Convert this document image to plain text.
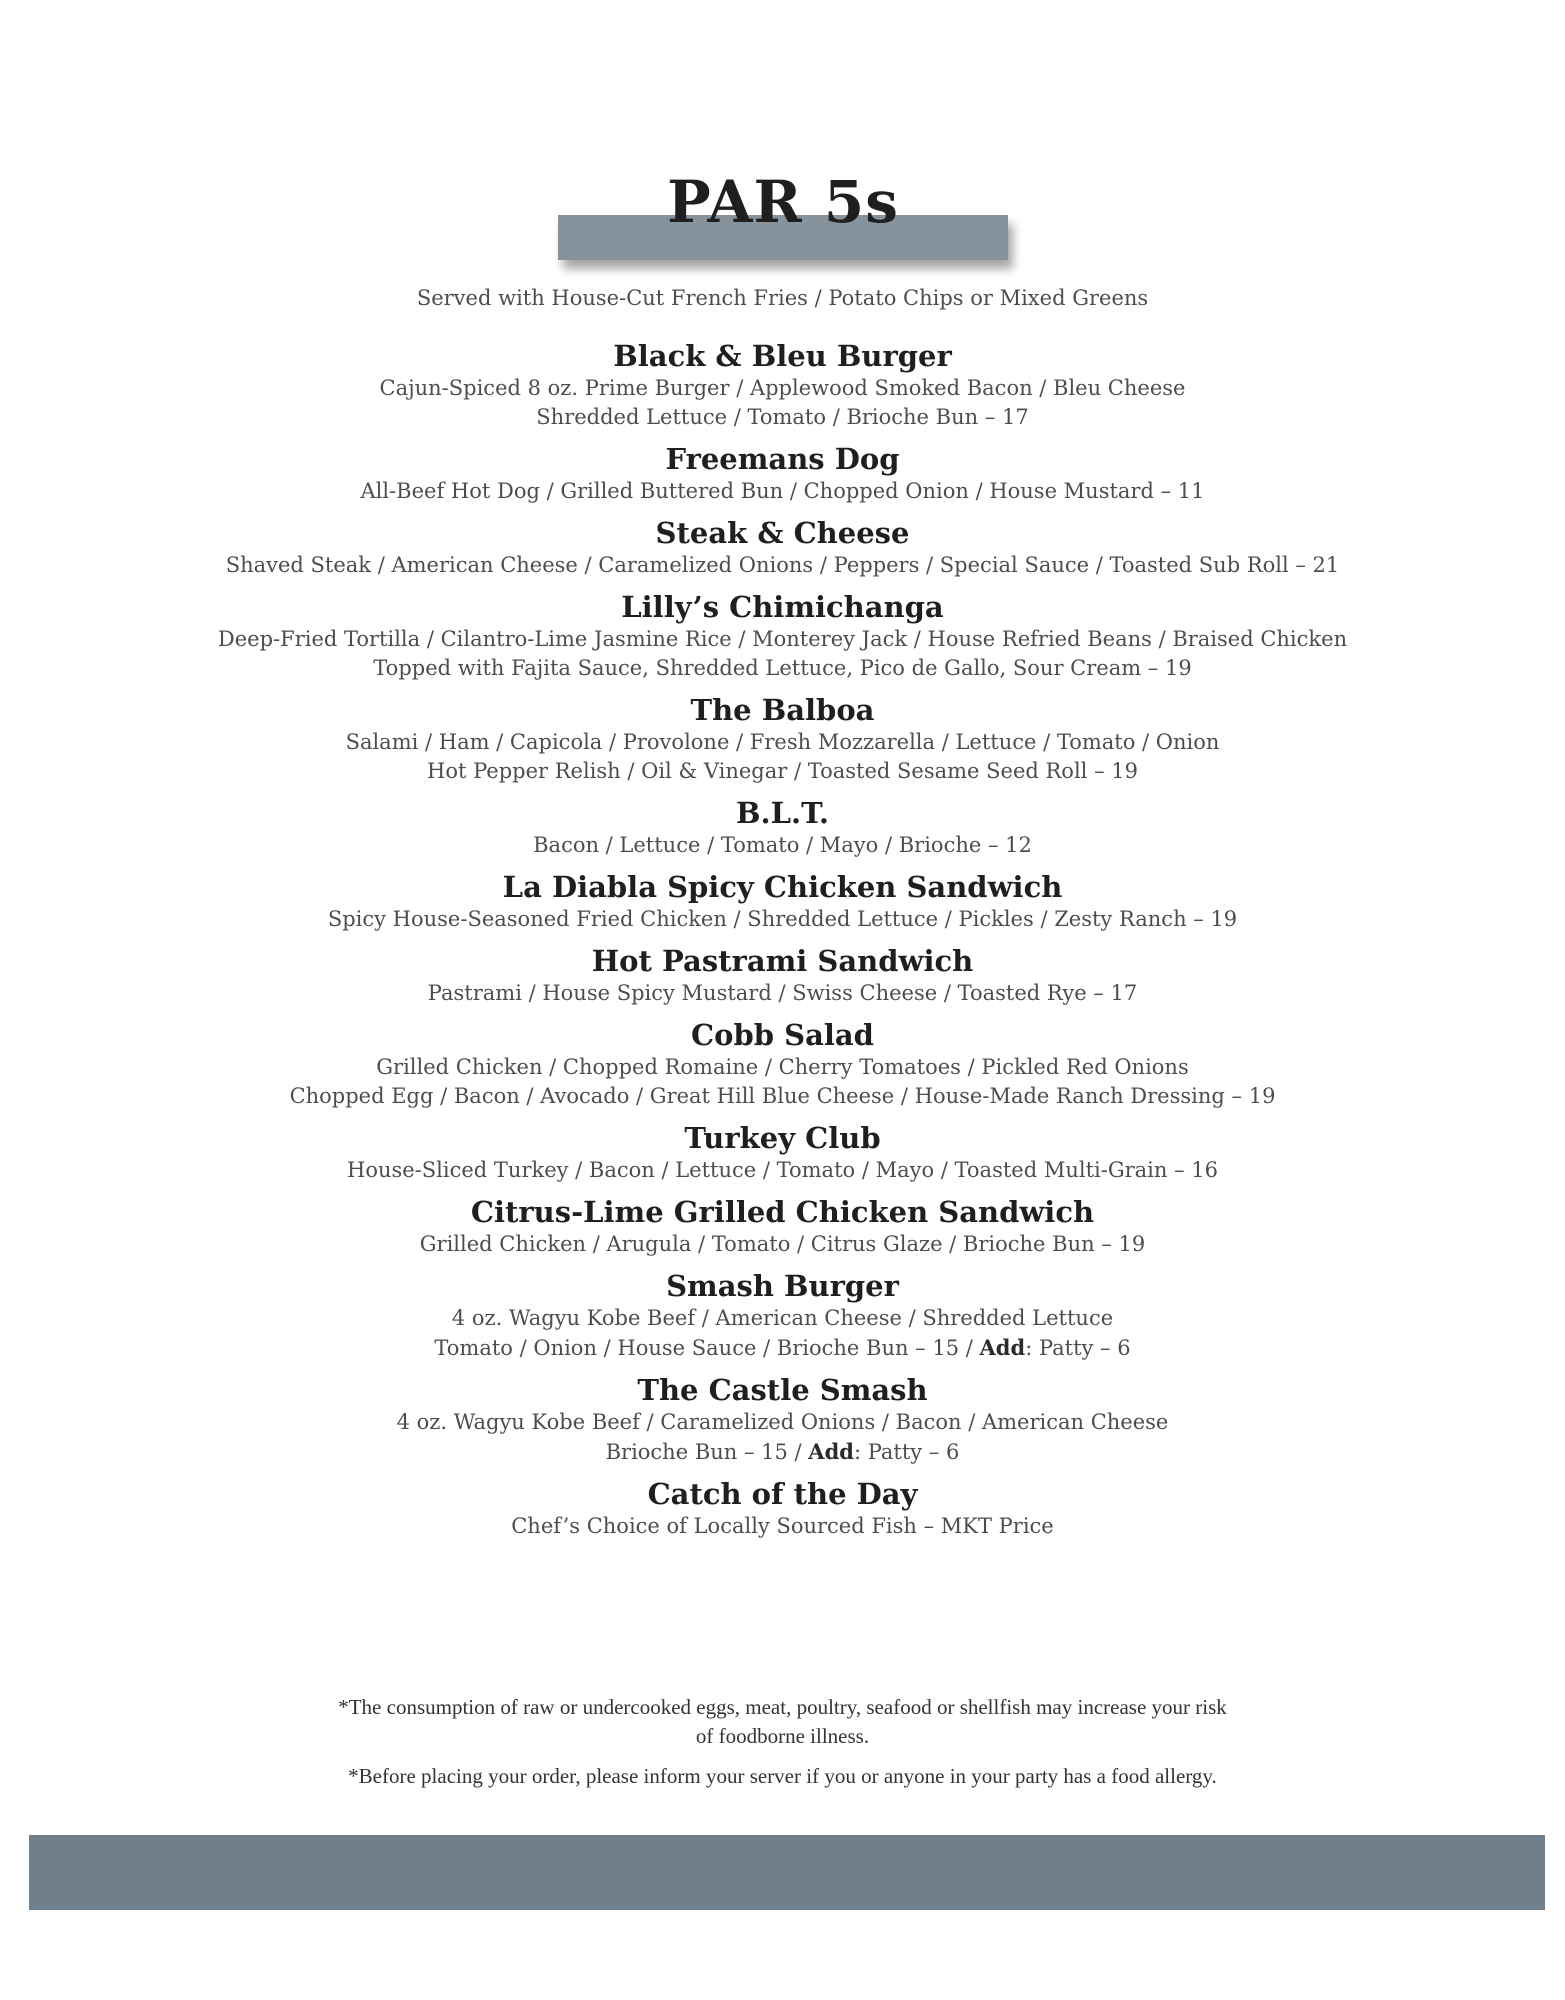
PAR 5s
Served with House-Cut French Fries / Potato Chips or Mixed Greens
Black & Bleu Burger
Cajun-Spiced 8 oz. Prime Burger / Applewood Smoked Bacon / Bleu Cheese
Shredded Lettuce / Tomato / Brioche Bun – 17
Freemans Dog
All-Beef Hot Dog / Grilled Buttered Bun / Chopped Onion / House Mustard – 11
Steak & Cheese
Shaved Steak / American Cheese / Caramelized Onions / Peppers / Special Sauce / Toasted Sub Roll – 21
Lilly’s Chimichanga
Deep-Fried Tortilla / Cilantro-Lime Jasmine Rice / Monterey Jack / House Refried Beans / Braised Chicken
Topped with Fajita Sauce, Shredded Lettuce, Pico de Gallo, Sour Cream – 19
The Balboa
Salami / Ham / Capicola / Provolone / Fresh Mozzarella / Lettuce / Tomato / Onion
Hot Pepper Relish / Oil & Vinegar / Toasted Sesame Seed Roll – 19
B.L.T.
Bacon / Lettuce / Tomato / Mayo / Brioche – 12
La Diabla Spicy Chicken Sandwich
Spicy House-Seasoned Fried Chicken / Shredded Lettuce / Pickles / Zesty Ranch – 19
Hot Pastrami Sandwich
Pastrami / House Spicy Mustard / Swiss Cheese / Toasted Rye – 17
Cobb Salad
Grilled Chicken / Chopped Romaine / Cherry Tomatoes / Pickled Red Onions
Chopped Egg / Bacon / Avocado / Great Hill Blue Cheese / House-Made Ranch Dressing – 19
Turkey Club
House-Sliced Turkey / Bacon / Lettuce / Tomato / Mayo / Toasted Multi-Grain – 16
Citrus-Lime Grilled Chicken Sandwich
Grilled Chicken / Arugula / Tomato / Citrus Glaze / Brioche Bun – 19
Smash Burger
4 oz. Wagyu Kobe Beef / American Cheese / Shredded Lettuce
Tomato / Onion / House Sauce / Brioche Bun – 15 / Add: Patty – 6
The Castle Smash
4 oz. Wagyu Kobe Beef / Caramelized Onions / Bacon / American Cheese
Brioche Bun – 15 / Add: Patty – 6
Catch of the Day
Chef’s Choice of Locally Sourced Fish – MKT Price
*The consumption of raw or undercooked eggs, meat, poultry, seafood or shellfish may increase your risk of foodborne illness.
*Before placing your order, please inform your server if you or anyone in your party has a food allergy.
